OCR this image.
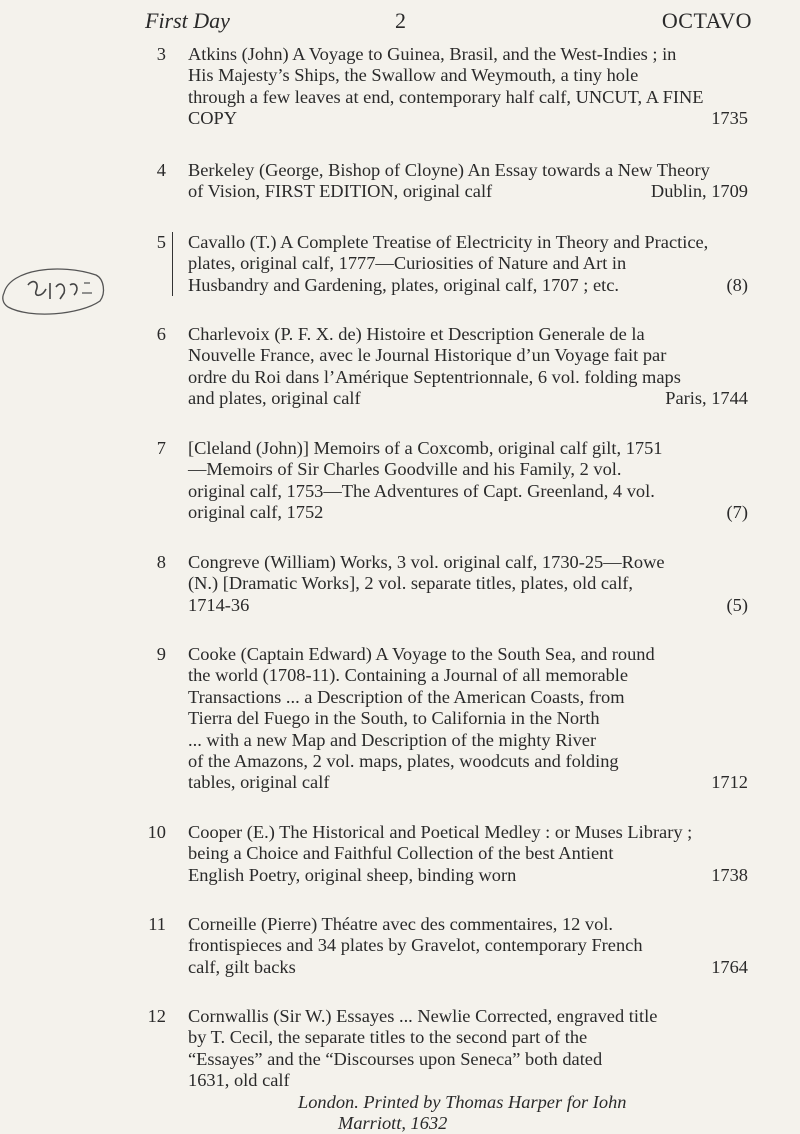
First Day	2	OCTAVO
3 Atkins (John) A Voyage to Guinea, Brasil, and the West-Indies ; in
His Majesty’s Ships, the Swallow and Weymouth, a tiny hole
through a few leaves at end, contemporary half calf, UNCUT, A FINE
COPY	1735
4 Berkeley (George, Bishop of Cloyne) An Essay towards a New Theory
of Vision, FIRST EDITION, original calf	Dublin, 1709
5 Cavallo (T.) A Complete Treatise of Electricity in Theory and Practice,
plates, original calf, 1777—Curiosities of Nature and Art in
Husbandry and Gardening, plates, original calf, 1707 ; etc.	(8)
6 Charlevoix (P. F. X. de) Histoire et Description Generale de la
Nouvelle France, avec le Journal Historique d’un Voyage fait par
ordre du Roi dans l’Amérique Septentrionnale, 6 vol. folding maps
and plates, original calf	Paris, 1744
7 [Cleland (John)] Memoirs of a Coxcomb, original calf gilt, 1751
—Memoirs of Sir Charles Goodville and his Family, 2 vol.
original calf, 1753—The Adventures of Capt. Greenland, 4 vol.
original calf, 1752	(7)
8 Congreve (William) Works, 3 vol. original calf, 1730-25—Rowe
(N.) [Dramatic Works], 2 vol. separate titles, plates, old calf,
1714-36	(5)
9 Cooke (Captain Edward) A Voyage to the South Sea, and round
the world (1708-11). Containing a Journal of all memorable
Transactions ... a Description of the American Coasts, from
Tierra del Fuego in the South, to California in the North
... with a new Map and Description of the mighty River
of the Amazons, 2 vol. maps, plates, woodcuts and folding
tables, original calf	1712
10 Cooper (E.) The Historical and Poetical Medley : or Muses Library ;
being a Choice and Faithful Collection of the best Antient
English Poetry, original sheep, binding worn	1738
11 Corneille (Pierre) Théatre avec des commentaires, 12 vol.
frontispieces and 34 plates by Gravelot, contemporary French
calf, gilt backs	1764
12 Cornwallis (Sir W.) Essayes ... Newlie Corrected, engraved title
by T. Cecil, the separate titles to the second part of the
“Essayes” and the “Discourses upon Seneca” both dated
1631, old calf
London. Printed by Thomas Harper for Iohn
Marriott, 1632
